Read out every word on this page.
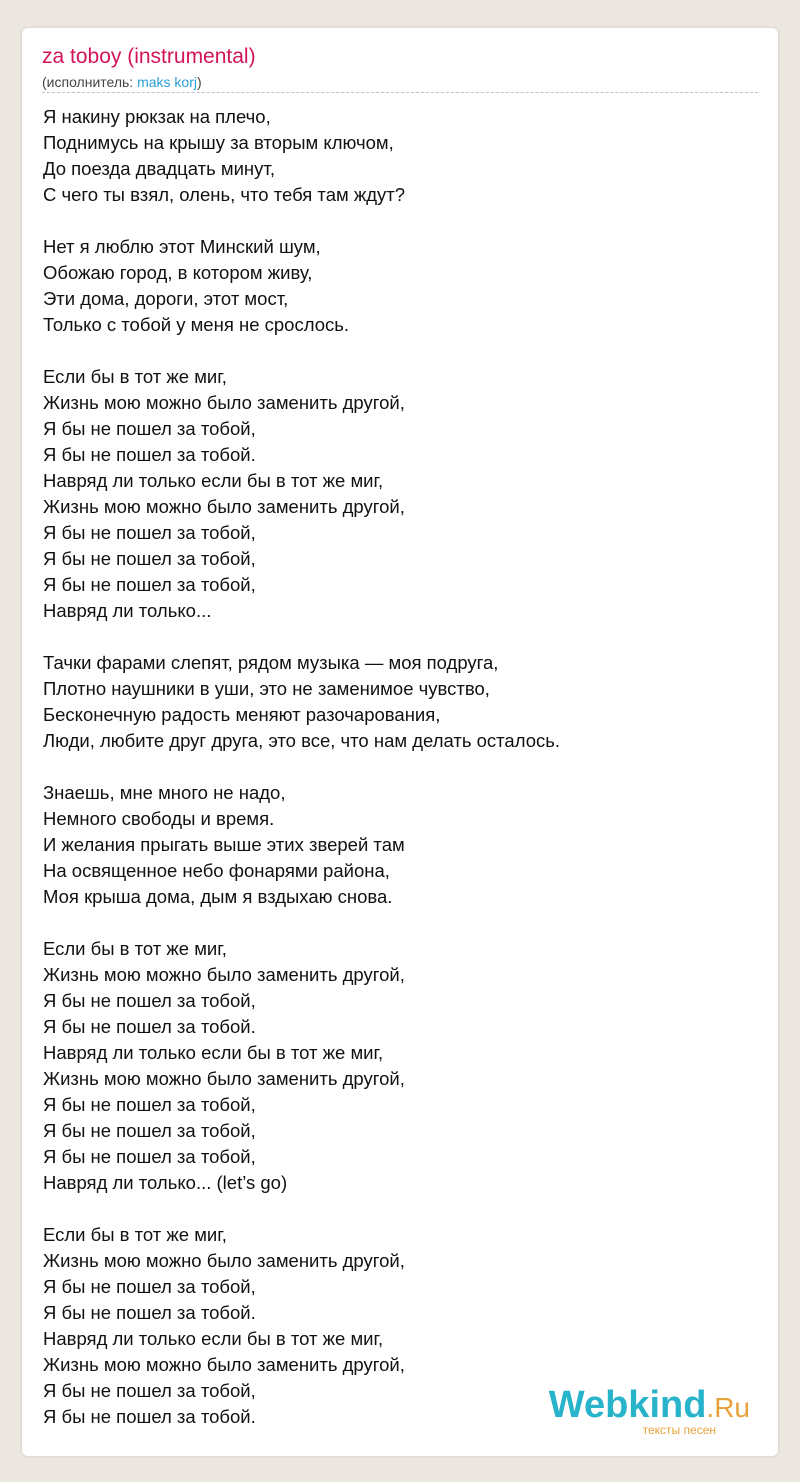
za toboy (instrumental)
(исполнитель: maks korj)
Я накину рюкзак на плечо,
Поднимусь на крышу за вторым ключом,
До поезда двадцать минут,
С чего ты взял, олень, что тебя там ждут?
Нет я люблю этот Минский шум,
Обожаю город, в котором живу,
Эти дома, дороги, этот мост,
Только с тобой у меня не срослось.
Если бы в тот же миг,
Жизнь мою можно было заменить другой,
Я бы не пошел за тобой,
Я бы не пошел за тобой.
Навряд ли только если бы в тот же миг,
Жизнь мою можно было заменить другой,
Я бы не пошел за тобой,
Я бы не пошел за тобой,
Я бы не пошел за тобой,
Навряд ли только...
Тачки фарами слепят, рядом музыка — моя подруга,
Плотно наушники в уши, это не заменимое чувство,
Бесконечную радость меняют разочарования,
Люди, любите друг друга, это все, что нам делать осталось.
Знаешь, мне много не надо,
Немного свободы и время.
И желания прыгать выше этих зверей там
На освященное небо фонарями района,
Моя крыша дома, дым я вздыхаю снова.
Если бы в тот же миг,
Жизнь мою можно было заменить другой,
Я бы не пошел за тобой,
Я бы не пошел за тобой.
Навряд ли только если бы в тот же миг,
Жизнь мою можно было заменить другой,
Я бы не пошел за тобой,
Я бы не пошел за тобой,
Я бы не пошел за тобой,
Навряд ли только... (let’s go)
Если бы в тот же миг,
Жизнь мою можно было заменить другой,
Я бы не пошел за тобой,
Я бы не пошел за тобой.
Навряд ли только если бы в тот же миг,
Жизнь мою можно было заменить другой,
Я бы не пошел за тобой,
Я бы не пошел за тобой.	Webkind.Ru
тексты песен
